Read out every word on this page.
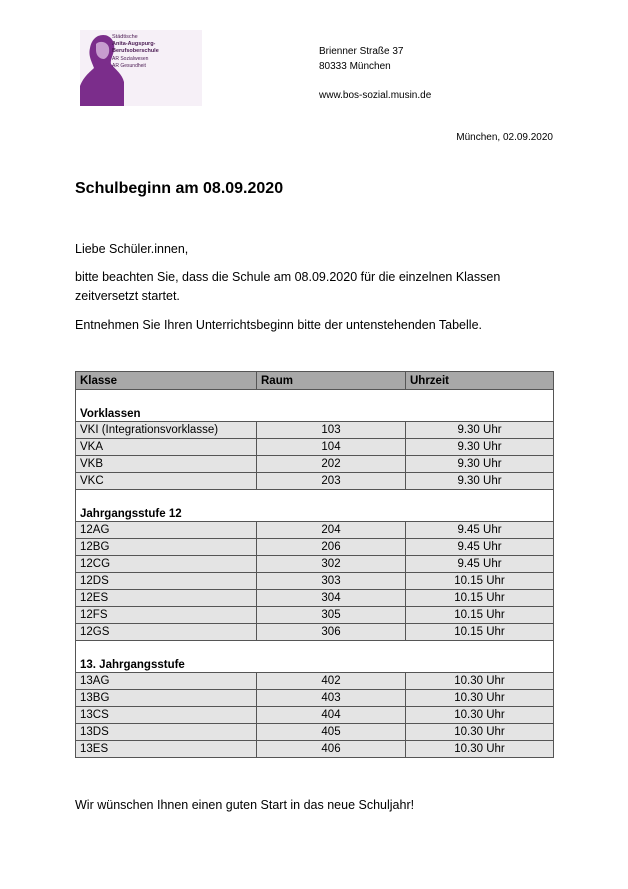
Städtische
Anita-Augspurg-
Berufsoberschule
AR Sozialwesen
AR Gesundheit
Brienner Straße 37
80333 München
www.bos-sozial.musin.de
München, 02.09.2020
Schulbeginn am 08.09.2020
Liebe Schüler.innen,
bitte beachten Sie, dass die Schule am 08.09.2020 für die einzelnen Klassen zeitversetzt startet.
Entnehmen Sie Ihren Unterrichtsbeginn bitte der untenstehenden Tabelle.
Klasse	Raum	Uhrzeit
Vorklassen		
VKI (Integrationsvorklasse)	103	9.30 Uhr
VKA	104	9.30 Uhr
VKB	202	9.30 Uhr
VKC	203	9.30 Uhr
Jahrgangsstufe 12		
12AG	204	9.45 Uhr
12BG	206	9.45 Uhr
12CG	302	9.45 Uhr
12DS	303	10.15 Uhr
12ES	304	10.15 Uhr
12FS	305	10.15 Uhr
12GS	306	10.15 Uhr
13. Jahrgangsstufe		
13AG	402	10.30 Uhr
13BG	403	10.30 Uhr
13CS	404	10.30 Uhr
13DS	405	10.30 Uhr
13ES	406	10.30 Uhr
Wir wünschen Ihnen einen guten Start in das neue Schuljahr!
